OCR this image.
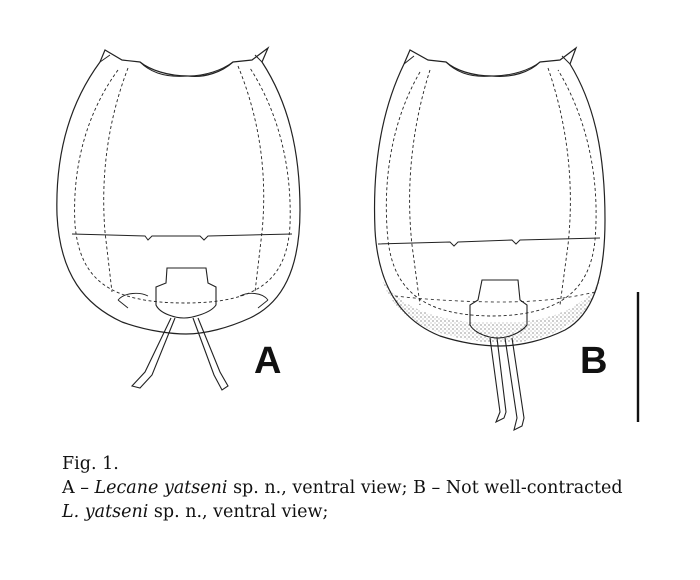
A	B
Fig. 1.
A – Lecane yatseni sp. n., ventral view; B – Not well-contracted
L. yatseni sp. n., ventral view;
